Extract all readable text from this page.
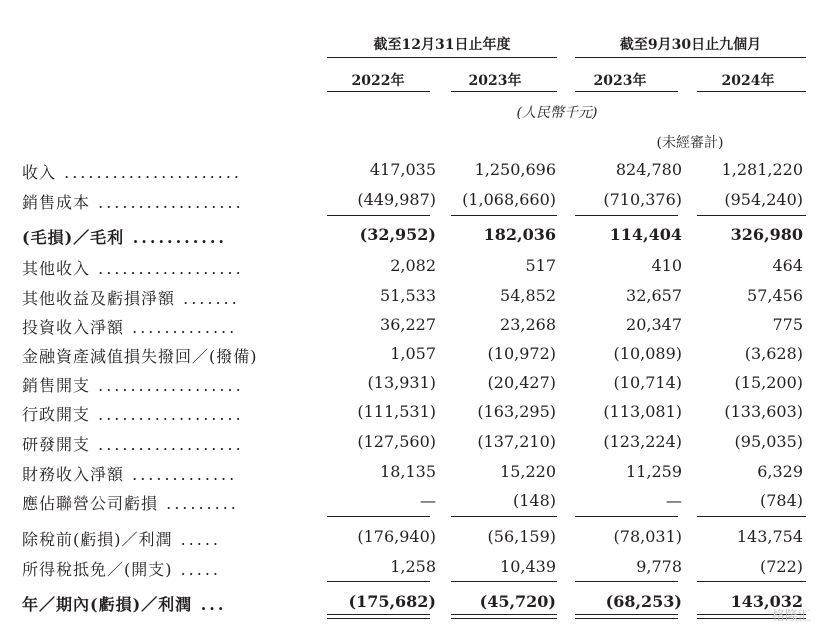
截至12月31日止年度	截至9月30日止九個月
2022年	2023年	2023年	2024年
(人民幣千元)
(未經審計)
收入 ......................	417,035	1,250,696	824,780	1,281,220
銷售成本 ..................	(449,987)	(1,068,660)	(710,376)	(954,240)
(毛損)／毛利 ...........	(32,952)	182,036	114,404	326,980
其他收入 ..................	2,082	517	410	464
其他收益及虧損淨額 .......	51,533	54,852	32,657	57,456
投資收入淨額 .............	36,227	23,268	20,347	775
金融資產減值損失撥回／(撥備)	1,057	(10,972)	(10,089)	(3,628)
銷售開支 ..................	(13,931)	(20,427)	(10,714)	(15,200)
行政開支 ..................	(111,531)	(163,295)	(113,081)	(133,603)
研發開支 ..................	(127,560)	(137,210)	(123,224)	(95,035)
財務收入淨額 .............	18,135	15,220	11,259	6,329
應佔聯營公司虧損 .........	—	(148)	—	(784)
除稅前(虧損)／利潤 .....	(176,940)	(56,159)	(78,031)	143,754
所得稅抵免／(開支) .....	1,258	10,439	9,778	(722)
年／期內(虧損)／利潤 ...	(175,682)	(45,720)	(68,253)	143,032
格隆汇
